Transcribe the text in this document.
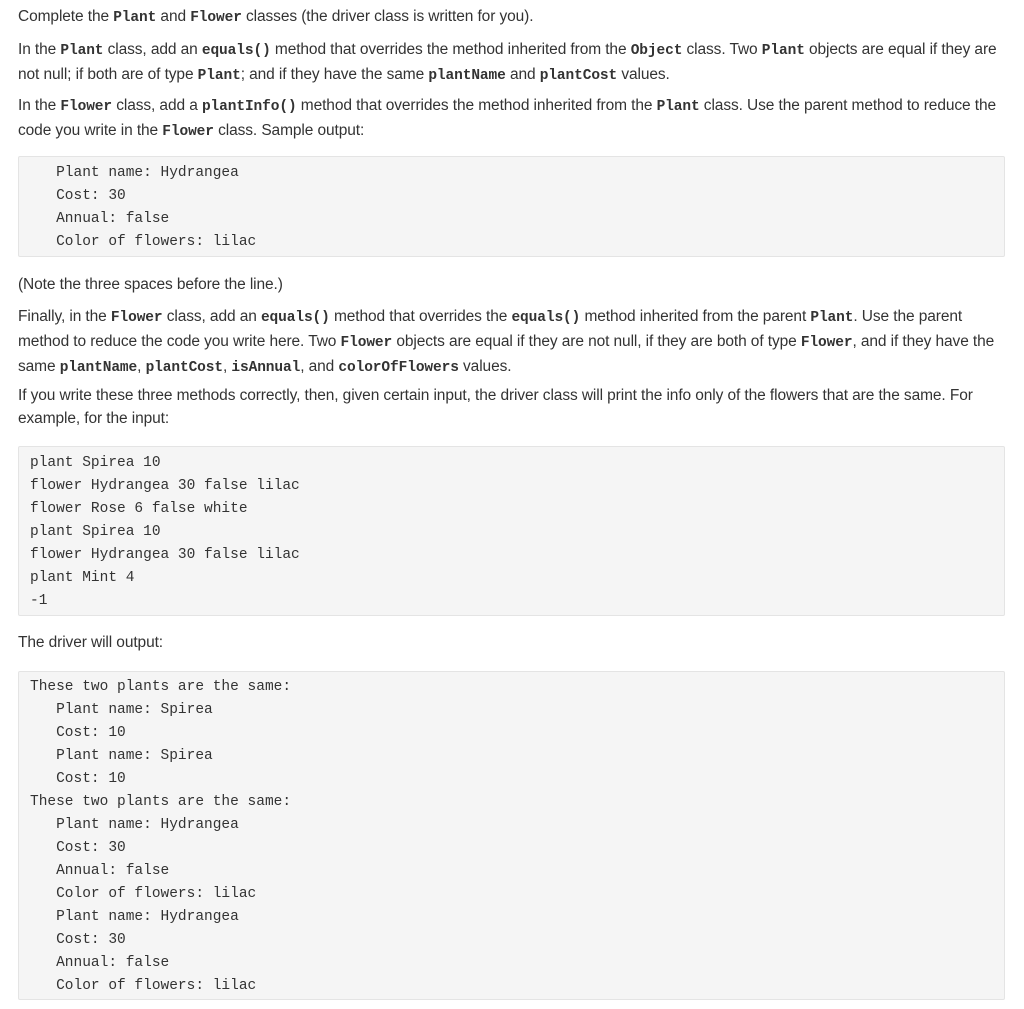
Complete the Plant and Flower classes (the driver class is written for you).

In the Plant class, add an equals() method that overrides the method inherited from the Object class. Two Plant objects are equal if they are not null; if both are of type Plant; and if they have the same plantName and plantCost values.

In the Flower class, add a plantInfo() method that overrides the method inherited from the Plant class. Use the parent method to reduce the code you write in the Flower class. Sample output:

Plant name: Hydrangea
Cost: 30
Annual: false
Color of flowers: lilac

(Note the three spaces before the line.)

Finally, in the Flower class, add an equals() method that overrides the equals() method inherited from the parent Plant. Use the parent method to reduce the code you write here. Two Flower objects are equal if they are not null, if they are both of type Flower, and if they have the same plantName, plantCost, isAnnual, and colorOfFlowers values.

If you write these three methods correctly, then, given certain input, the driver class will print the info only of the flowers that are the same. For example, for the input:

plant Spirea 10
flower Hydrangea 30 false lilac
flower Rose 6 false white
plant Spirea 10
flower Hydrangea 30 false lilac
plant Mint 4
-1

The driver will output:

These two plants are the same:
Plant name: Spirea
Cost: 10
Plant name: Spirea
Cost: 10
These two plants are the same:
Plant name: Hydrangea
Cost: 30
Annual: false
Color of flowers: lilac
Plant name: Hydrangea
Cost: 30
Annual: false
Color of flowers: lilac
